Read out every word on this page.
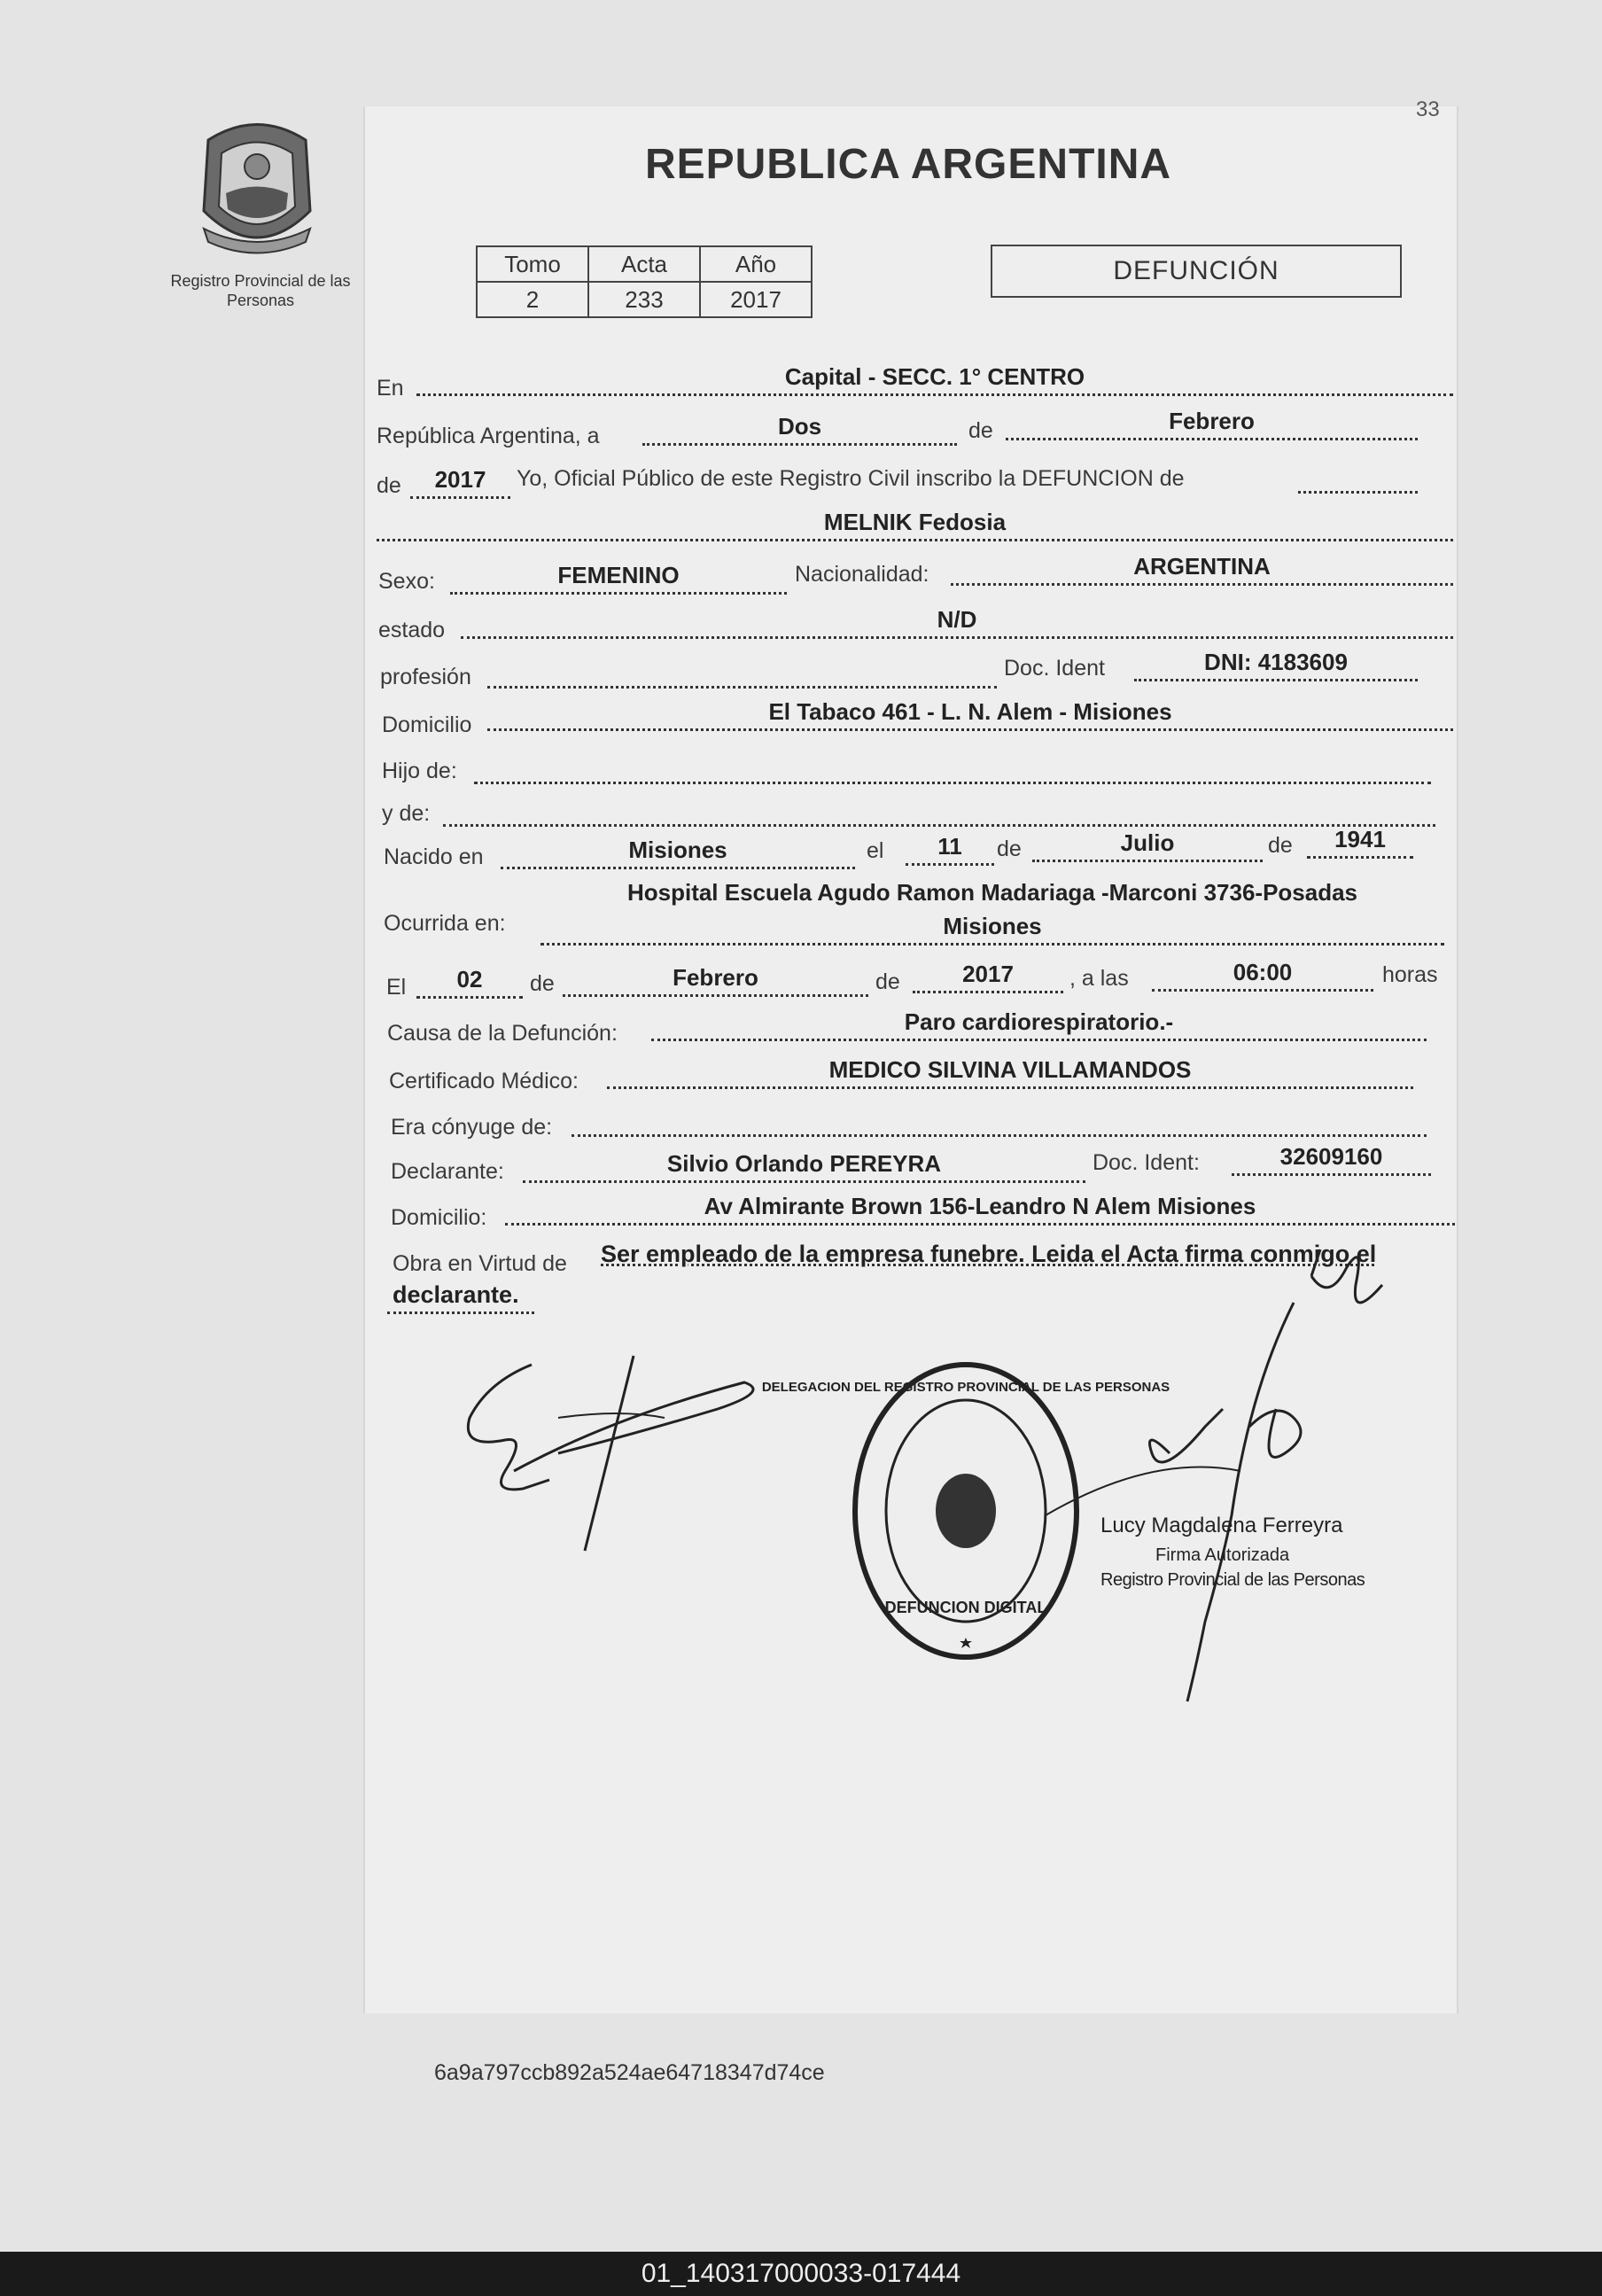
Registro Provincial de las Personas
33
REPUBLICA ARGENTINA
Tomo	Acta	Año
2	233	2017
DEFUNCIÓN
En	Capital - SECC. 1° CENTRO
República Argentina, a	Dos	de	Febrero
de	2017	Yo, Oficial Público de este Registro Civil inscribo la DEFUNCION de
MELNIK Fedosia
Sexo:	FEMENINO	Nacionalidad:	ARGENTINA
estado	N/D
profesión	Doc. Ident	DNI: 4183609
Domicilio	El Tabaco 461 - L. N. Alem - Misiones
Hijo de:
y de:
Nacido en	Misiones	el	11	de	Julio	de	1941
Ocurrida en:
Hospital Escuela Agudo Ramon Madariaga -Marconi 3736-Posadas
Misiones
El	02	de	Febrero	de	2017	, a las	06:00	horas
Causa de la Defunción:	Paro cardiorespiratorio.-
Certificado Médico:	MEDICO SILVINA VILLAMANDOS
Era cónyuge de:
Declarante:	Silvio Orlando PEREYRA	Doc. Ident:	32609160
Domicilio:	Av Almirante Brown 156-Leandro N Alem Misiones
Obra en Virtud de Ser empleado de la empresa funebre. Leida el Acta firma conmigo el
declarante.
DELEGACION DEL REGISTRO PROVINCIAL DE LAS PERSONAS
DEFUNCION DIGITAL
Lucy Magdalena Ferreyra
Firma Autorizada
Registro Provincial de las Personas
6a9a797ccb892a524ae64718347d74ce
01_140317000033-017444
